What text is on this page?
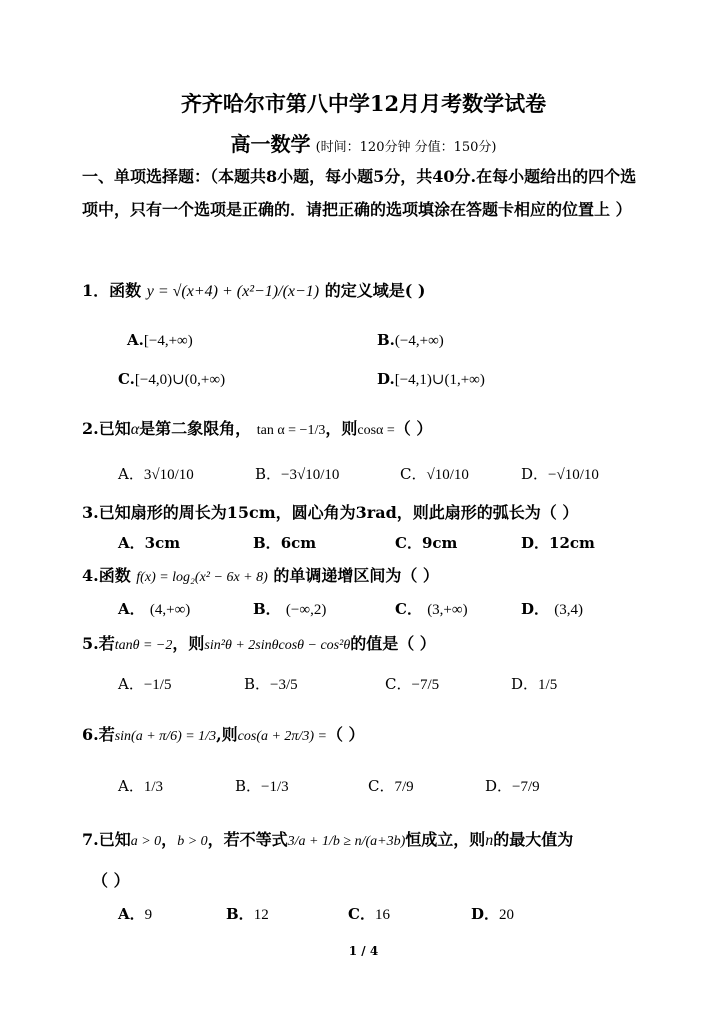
齐齐哈尔市第八中学12月月考数学试卷
高一数学 (时间：120分钟 分值：150分)
一、单项选择题：（本题共8小题，每小题5分，共40分.在每小题给出的四个选项中，只有一个选项是正确的．请把正确的选项填涂在答题卡相应的位置上 ）
1．函数 y = √(x+4) + (x²−1)/(x−1) 的定义域是( )
A.[−4,+∞)	B.(−4,+∞)
C.[−4,0)∪(0,+∞)	D.[−4,1)∪(1,+∞)
2.已知α是第二象限角， tan α = −1/3，则cosα =（ ）
A．3√10/10	B．−3√10/10	C．√10/10	D．−√10/10
3.已知扇形的周长为15cm，圆心角为3rad，则此扇形的弧长为（ ）
A．3cm	B．6cm	C．9cm	D．12cm
4.函数 f(x) = log₂(x² − 6x + 8) 的单调递增区间为（ ）
A． (4,+∞)	B． (−∞,2)	C． (3,+∞)	D． (3,4)
5.若tanθ = −2，则sin²θ + 2sinθcosθ − cos²θ的值是（ ）
A．−1/5	B．−3/5	C．−7/5	D．1/5
6.若sin(a + π/6) = 1/3,则cos(a + 2π/3) =（ ）
A．1/3	B．−1/3	C．7/9	D．−7/9
7.已知a > 0，b > 0，若不等式3/a + 1/b ≥ n/(a+3b)恒成立，则n的最大值为
（ ）
A．9	B．12	C．16	D．20
1 / 4
